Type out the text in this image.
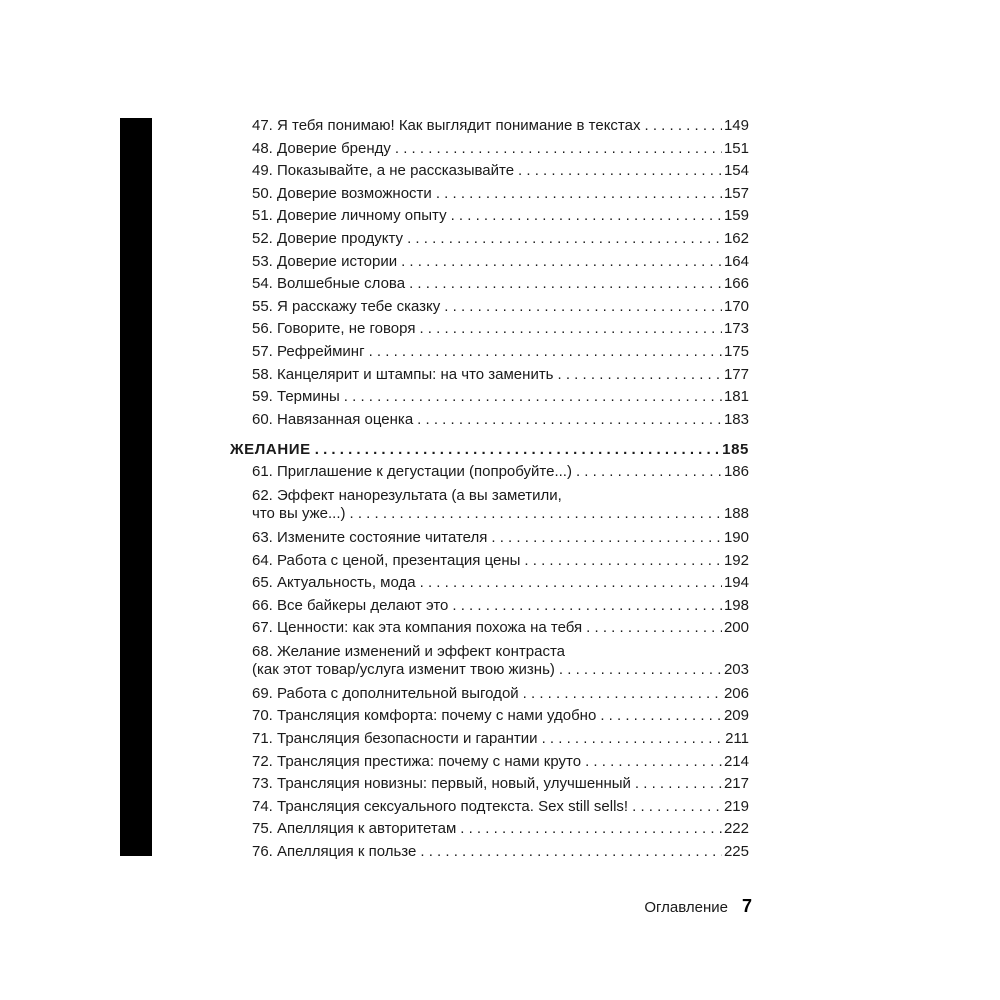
47. Я тебя понимаю! Как выглядит понимание в текстах . . .	149
48. Доверие бренду . . .	151
49. Показывайте, а не рассказывайте . . .	154
50. Доверие возможности . . .	157
51. Доверие личному опыту . . .	159
52. Доверие продукту . . .	162
53. Доверие истории . . .	164
54. Волшебные слова . . .	166
55. Я расскажу тебе сказку . . .	170
56. Говорите, не говоря . . .	173
57. Рефрейминг . . .	175
58. Канцелярит и штампы: на что заменить . . .	177
59. Термины . . .	181
60. Навязанная оценка . . .	183
ЖЕЛАНИЕ . . .	185
61. Приглашение к дегустации (попробуйте...) . . .	186
62. Эффект нанорезультата (а вы заметили,
что вы уже...) . . .	188
63. Измените состояние читателя . . .	190
64. Работа с ценой, презентация цены . . .	192
65. Актуальность, мода . . .	194
66. Все байкеры делают это . . .	198
67. Ценности: как эта компания похожа на тебя . . .	200
68. Желание изменений и эффект контраста
(как этот товар/услуга изменит твою жизнь) . . .	203
69. Работа с дополнительной выгодой . . .	206
70. Трансляция комфорта: почему с нами удобно . . .	209
71. Трансляция безопасности и гарантии . . .	211
72. Трансляция престижа: почему с нами круто . . .	214
73. Трансляция новизны: первый, новый, улучшенный . . .	217
74. Трансляция сексуального подтекста. Sex still sells! . . .	219
75. Апелляция к авторитетам . . .	222
76. Апелляция к пользе . . .	225
Оглавление 7
